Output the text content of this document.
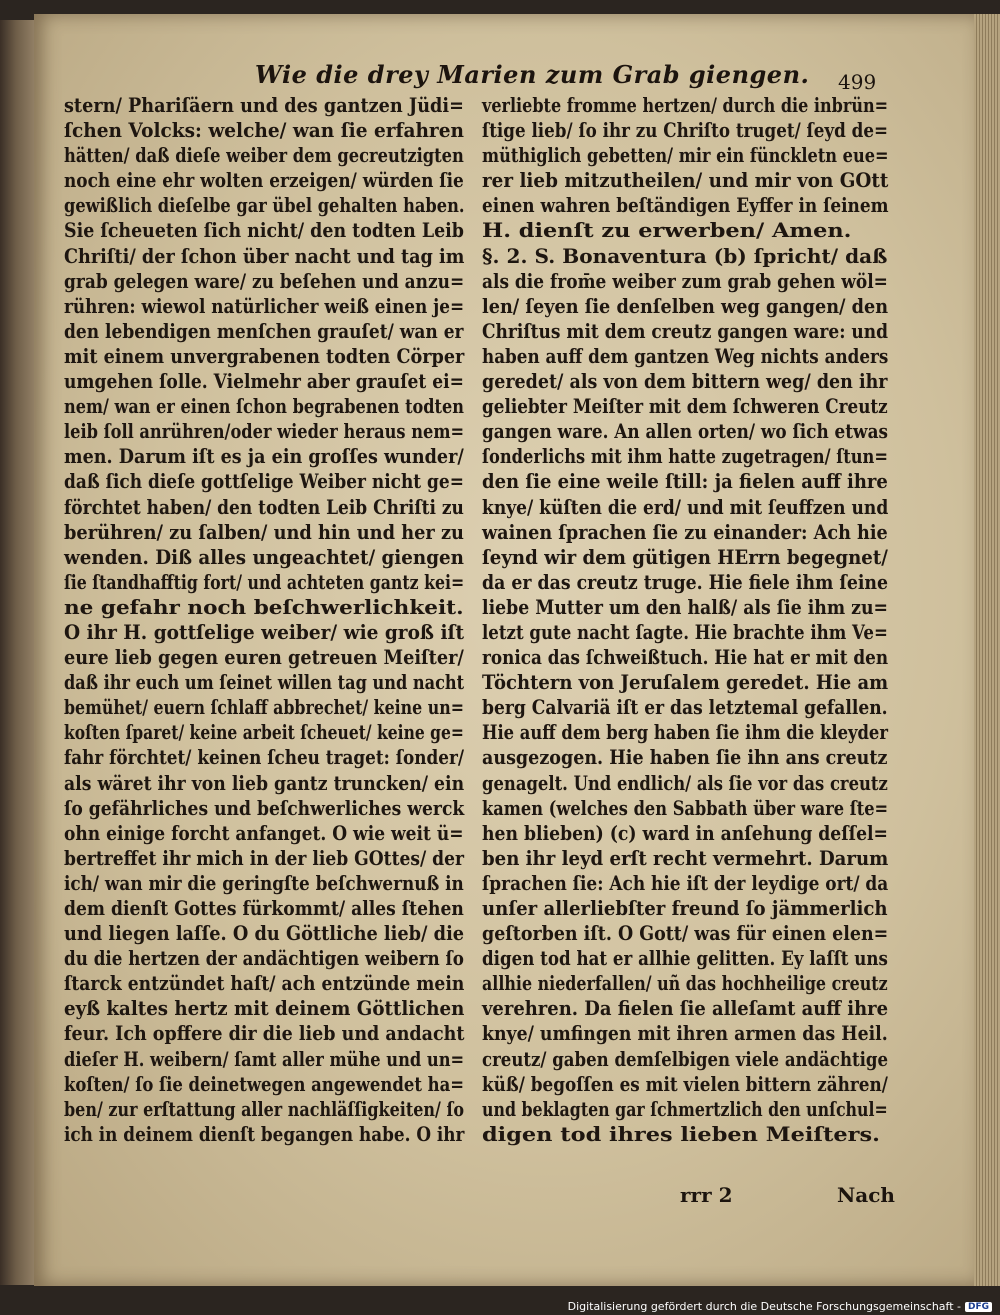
Wie die drey Marien zum Grab giengen. 499
stern/ Phariſäern und des gantzen Jüdi=
ſchen Volcks: welche/ wan ſie erfahren
hätten/ daß dieſe weiber dem gecreutzigten
noch eine ehr wolten erzeigen/ würden ſie
gewißlich dieſelbe gar übel gehalten haben.
Sie ſcheueten ſich nicht/ den todten Leib
Chriſti/ der ſchon über nacht und tag im
grab gelegen ware/ zu beſehen und anzu=
rühren: wiewol natürlicher weiß einen je=
den lebendigen menſchen grauſet/ wan er
mit einem unvergrabenen todten Cörper
umgehen ſolle. Vielmehr aber grauſet ei=
nem/ wan er einen ſchon begrabenen todten
leib ſoll anrühren/oder wieder heraus nem=
men. Darum iſt es ja ein groſſes wunder/
daß ſich dieſe gottſelige Weiber nicht ge=
förchtet haben/ den todten Leib Chriſti zu
berühren/ zu ſalben/ und hin und her zu
wenden. Diß alles ungeachtet/ giengen
ſie ſtandhafftig fort/ und achteten gantz kei=
ne gefahr noch beſchwerlichkeit.
O ihr H. gottſelige weiber/ wie groß iſt
eure lieb gegen euren getreuen Meiſter/
daß ihr euch um ſeinet willen tag und nacht
bemühet/ euern ſchlaff abbrechet/ keine un=
koſten ſparet/ keine arbeit ſcheuet/ keine ge=
fahr förchtet/ keinen ſcheu traget: ſonder/
als wäret ihr von lieb gantz truncken/ ein
ſo gefährliches und beſchwerliches werck
ohn einige forcht anfanget. O wie weit ü=
bertreffet ihr mich in der lieb GOttes/ der
ich/ wan mir die geringſte beſchwernuß in
dem dienſt Gottes fürkommt/ alles ſtehen
und liegen laſſe. O du Göttliche lieb/ die
du die hertzen der andächtigen weibern ſo
ſtarck entzündet haſt/ ach entzünde mein
eyß kaltes hertz mit deinem Göttlichen
feur. Ich opffere dir die lieb und andacht
dieſer H. weibern/ ſamt aller mühe und un=
koſten/ ſo ſie deinetwegen angewendet ha=
ben/ zur erſtattung aller nachläſſigkeiten/ ſo
ich in deinem dienſt begangen habe. O ihr
verliebte fromme hertzen/ durch die inbrün=
ſtige lieb/ ſo ihr zu Chriſto truget/ ſeyd de=
müthiglich gebetten/ mir ein fünckletn eue=
rer lieb mitzutheilen/ und mir von GOtt
einen wahren beſtändigen Eyffer in ſeinem
H. dienſt zu erwerben/ Amen.
§. 2. S. Bonaventura (b) ſpricht/ daß
als die from̄e weiber zum grab gehen wöl=
len/ ſeyen ſie denſelben weg gangen/ den
Chriſtus mit dem creutz gangen ware: und
haben auff dem gantzen Weg nichts anders
geredet/ als von dem bittern weg/ den ihr
geliebter Meiſter mit dem ſchweren Creutz
gangen ware. An allen orten/ wo ſich etwas
ſonderlichs mit ihm hatte zugetragen/ ſtun=
den ſie eine weile ſtill: ja fielen auff ihre
knye/ küſten die erd/ und mit ſeuffzen und
wainen ſprachen ſie zu einander: Ach hie
ſeynd wir dem gütigen HErrn begegnet/
da er das creutz truge. Hie fiele ihm ſeine
liebe Mutter um den halß/ als ſie ihm zu=
letzt gute nacht ſagte. Hie brachte ihm Ve=
ronica das ſchweißtuch. Hie hat er mit den
Töchtern von Jeruſalem geredet. Hie am
berg Calvariä iſt er das letztemal gefallen.
Hie auff dem berg haben ſie ihm die kleyder
ausgezogen. Hie haben ſie ihn ans creutz
genagelt. Und endlich/ als ſie vor das creutz
kamen (welches den Sabbath über ware ſte=
hen blieben) (c) ward in anſehung deſſel=
ben ihr leyd erſt recht vermehrt. Darum
ſprachen ſie: Ach hie iſt der leydige ort/ da
unſer allerliebſter freund ſo jämmerlich
geſtorben iſt. O Gott/ was für einen elen=
digen tod hat er allhie gelitten. Ey laſſt uns
allhie niederfallen/ uñ das hochheilige creutz
verehren. Da fielen ſie alleſamt auff ihre
knye/ umfingen mit ihren armen das Heil.
creutz/ gaben demſelbigen viele andächtige
küß/ begoſſen es mit vielen bittern zähren/
und beklagten gar ſchmertzlich den unſchul=
digen tod ihres lieben Meiſters.
rrr 2	Nach
Digitalisierung gefördert durch die Deutsche Forschungsgemeinschaft - DFG
